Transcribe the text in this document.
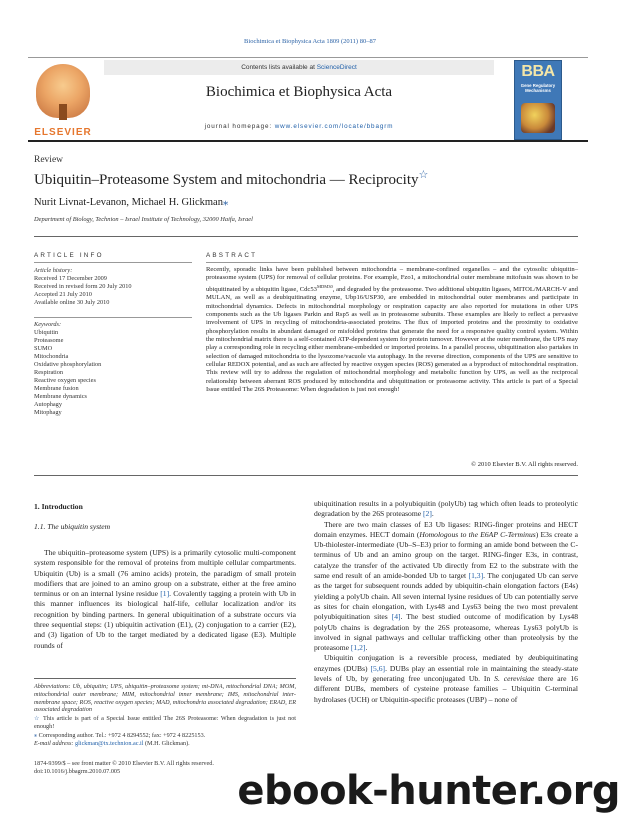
Biochimica et Biophysica Acta 1809 (2011) 80–87
ELSEVIER
Contents lists available at ScienceDirect
Biochimica et Biophysica Acta
journal homepage: www.elsevier.com/locate/bbagrm
BBA
Gene Regulatory Mechanisms
Review
Ubiquitin–Proteasome System and mitochondria — Reciprocity☆
Nurit Livnat-Levanon, Michael H. Glickman⁎
Department of Biology, Technion – Israel Institute of Technology, 32000 Haifa, Israel
ARTICLE INFO	ABSTRACT
Article history:
Received 17 December 2009
Received in revised form 20 July 2010
Accepted 21 July 2010
Available online 30 July 2010
Keywords:
Ubiquitin
Proteasome
SUMO
Mitochondria
Oxidative phosphorylation
Respiration
Reactive oxygen species
Membrane fusion
Membrane dynamics
Autophagy
Mitophagy
Recently, sporadic links have been published between mitochondria – membrane-confined organelles – and the cytosolic ubiquitin–proteasome system (UPS) for removal of cellular proteins. For example, Fzo1, a mitochondrial outer membrane mitofusin was shown to be ubiquitinated by a ubiquitin ligase, $Cdc53^{MDM30}$, and degraded by the proteasome. Two additional ubiquitin ligases, MITOL/MARCH-V and MULAN, as well as a deubiquitinating enzyme, Ubp16/USP30, are embedded in mitochondrial outer membranes and participate in mitochondrial dynamics. Defects in mitochondrial morphology or respiration capacity are also reported for mutations in other UPS components such as the Ub ligases Parkin and Rsp5 as well as in proteasome subunits. These examples are likely to reflect a pervasive involvement of UPS in recycling of mitochondria-associated proteins. The flux of imported proteins and the proximity to oxidative phosphorylation results in abundant damaged or misfolded proteins that generate the need for a responsive quality control system. Within the mitochondrial matrix there is a self-contained ATP-dependent system for protein turnover. However at the outer membrane, the UPS may play a corresponding role in recycling either membrane-embedded or imported proteins. In a parallel process, ubiquitination also partakes in selection of damaged mitochondria to the lysozome/vacuole via autophagy. In the reverse direction, components of the UPS are sensitive to cellular REDOX potential, and as such are affected by reactive oxygen species (ROS) generated as a byproduct of mitochondrial respiration. This review will try to address the regulation of mitochondrial morphology and metabolic function by UPS, as well as the reciprocal relationship between aberrant ROS produced by mitochondria and ubiquitination or proteasome activity. This article is part of a Special Issue entitled The 26S Proteasome: When degradation is just not enough!
© 2010 Elsevier B.V. All rights reserved.
1. Introduction
1.1. The ubiquitin system

The ubiquitin–proteasome system (UPS) is a primarily cytosolic multi-component system responsible for the removal of proteins from multiple cellular compartments. Ubiquitin (Ub) is a small (76 amino acids) protein, the paradigm of small protein modifiers that are joined to an amino group on a substrate, either at the free amino terminus or on an internal lysine residue [1]. Covalently tagging a protein with Ub in this manner influences its biological half-life, cellular localization and/or its recognition by binding partners. In general ubiquitination of a substrate occurs via three sequential steps: (1) ubiquitin activation (E1), (2) conjugation to a carrier (E2), and (3) ligation of Ub to the target mediated by a dedicated ligase (E3). Multiple rounds of

ubiquitination results in a polyubiquitin (polyUb) tag which often leads to proteolytic degradation by the 26S proteasome [2].

There are two main classes of E3 Ub ligases: RING-finger proteins and HECT domain enzymes. HECT domain (Homologous to the E6AP C-Terminus) E3s create a Ub-thiolester-intermediate (Ub–S–E3) prior to forming an amide bond between the C-terminus of Ub and an amino group on the target. RING-finger E3s, in contrast, catalyze the transfer of the activated Ub directly from E2 to the substrate with the same end result of an amide-bonded Ub to target [1,3]. The conjugated Ub can serve as the target for subsequent rounds added by ubiquitin-chain elongation factors (E4s) yielding a polyUb chain. All seven internal lysine residues of Ub can potentially serve as sites for chain elongation, with Lys48 and Lys63 being the two most prevalent polyubiquitination sites [4]. The best studied outcome of modification by Lys48 polyUb chains is degradation by the 26S proteasome, whereas Lys63 polyUb is involved in signal pathways and cellular trafficking other than proteolysis by the proteasome [1,2].

Ubiquitin conjugation is a reversible process, mediated by deubiquitinating enzymes (DUBs) [5,6]. DUBs play an essential role in maintaining the steady-state levels of Ub, by generating free unconjugated Ub. In S. cerevisiae there are 16 different DUBs, members of cysteine protease families – Ubiquitin C-terminal hydrolases (UCH) or Ubiquitin-specific proteases (UBP) – none of

Abbreviations: Ub, ubiquitin; UPS, ubiquitin–proteasome system; mt-DNA, mitochondrial DNA; MOM, mitochondrial outer membrane; MIM, mitochondrial inner membrane; IMS, mitochondrial inter-membrane space; ROS, reactive oxygen species; MAD, mitochondria associated degradation; ERAD, ER associated degradation

☆ This article is part of a Special Issue entitled The 26S Proteasome: When degradation is just not enough!

⁎ Corresponding author. Tel.: +972 4 8294552; fax: +972 4 8225153.
E-mail address: glickman@tx.technion.ac.il (M.H. Glickman).

1874-9399/$ – see front matter © 2010 Elsevier B.V. All rights reserved.
doi:10.1016/j.bbagrm.2010.07.005	ebook-hunter.org
